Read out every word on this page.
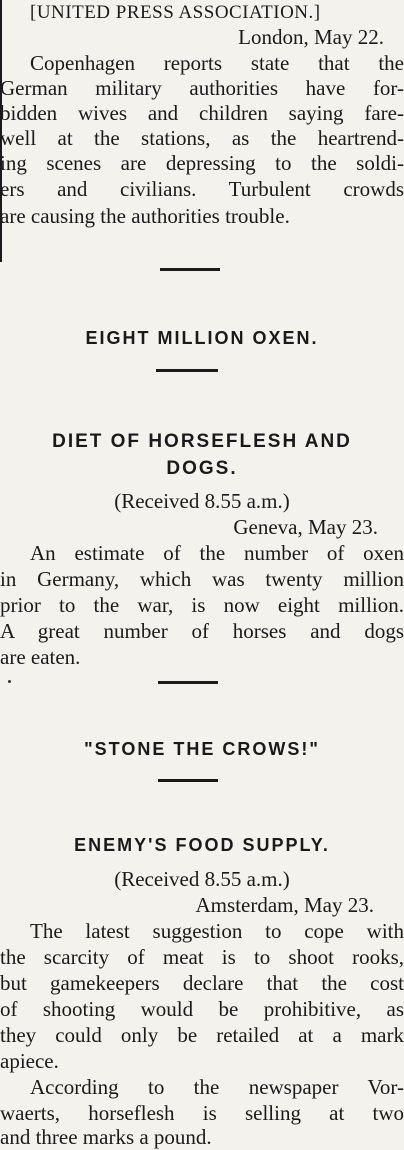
[UNITED PRESS ASSOCIATION.]

London, May 22.

Copenhagen reports state that the

German military authorities have for-

bidden wives and children saying fare-

well at the stations, as the heartrend-

ing scenes are depressing to the soldi-

ers and civilians. Turbulent crowds

are causing the authorities trouble.

EIGHT MILLION OXEN.

DIET OF HORSEFLESH AND

DOGS.

(Received 8.55 a.m.)

Geneva, May 23.

An estimate of the number of oxen

in Germany, which was twenty million

prior to the war, is now eight million.

A great number of horses and dogs

are eaten.

"STONE THE CROWS!"

ENEMY'S FOOD SUPPLY.

(Received 8.55 a.m.)

Amsterdam, May 23.

The latest suggestion to cope with

the scarcity of meat is to shoot rooks,

but gamekeepers declare that the cost

of shooting would be prohibitive, as

they could only be retailed at a mark

apiece.

According to the newspaper Vor-

waerts, horseflesh is selling at two

and three marks a pound.
